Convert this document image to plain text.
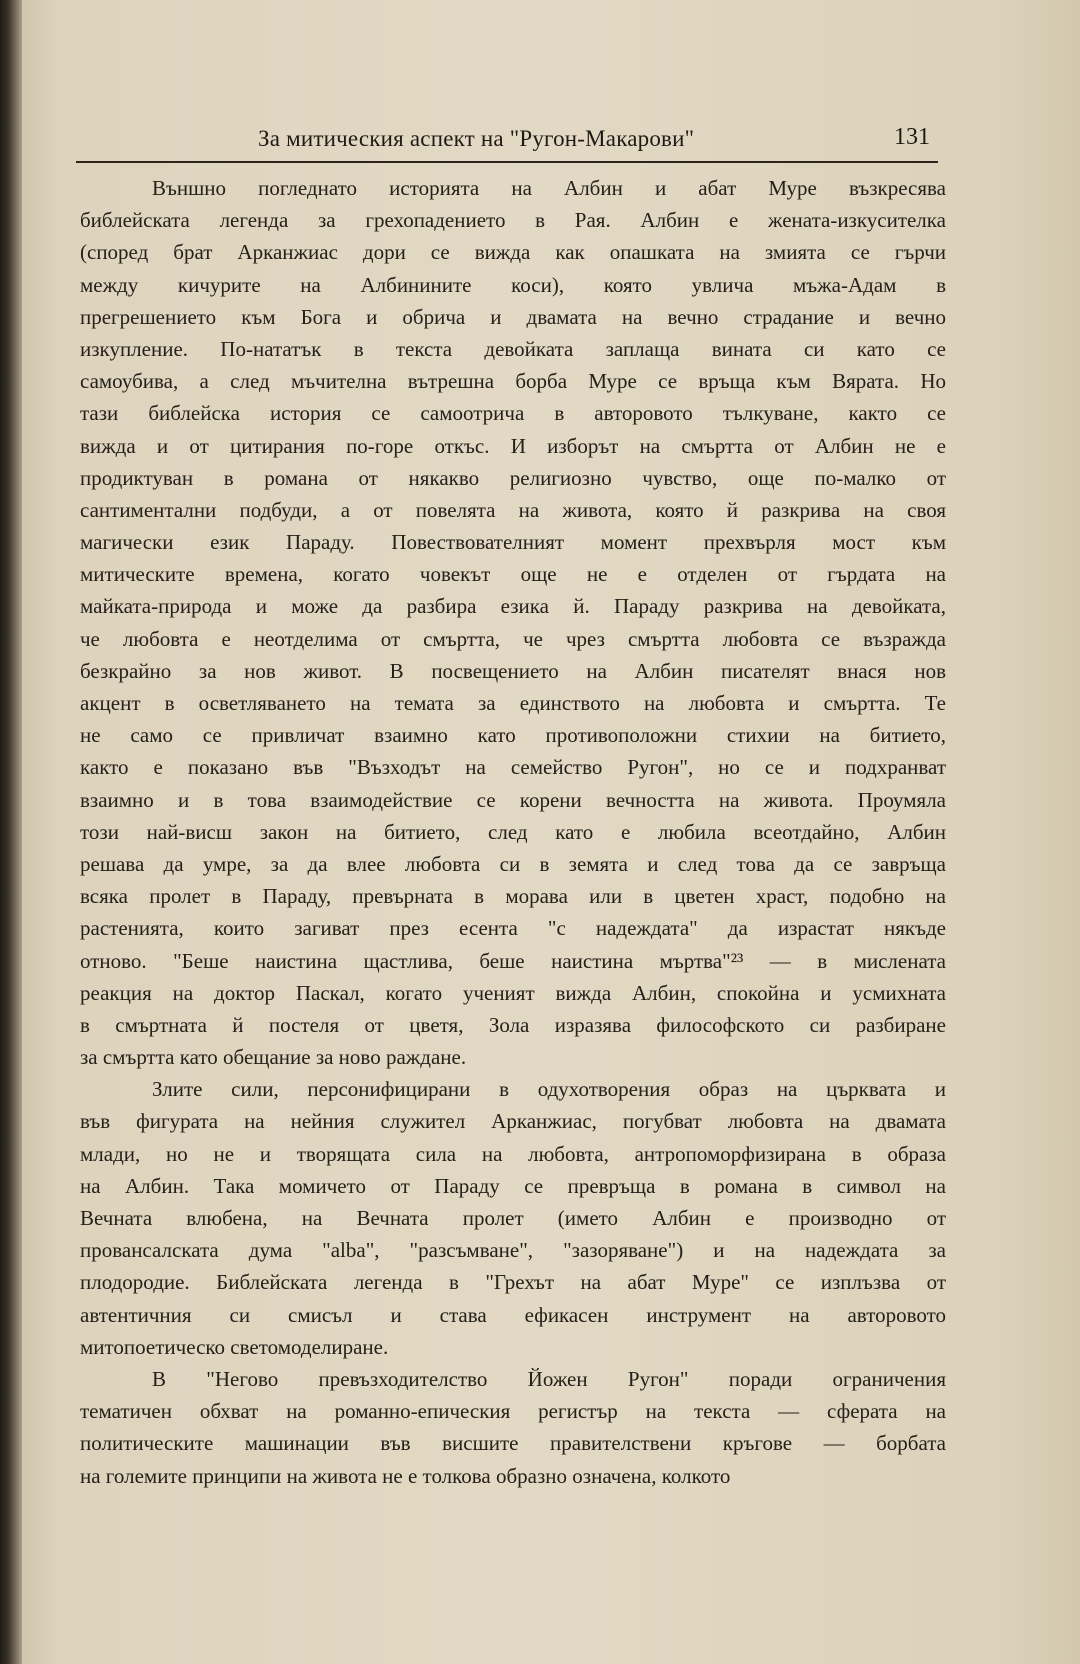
За митическия аспект на "Ругон-Макарови"	131
Външно погледнато историята на Албин и абат Муре възкресява
библейската легенда за грехопадението в Рая. Албин е жената-изкусителка
(според брат Арканжиас дори се вижда как опашката на змията се гърчи
между кичурите на Албинините коси), която увлича мъжа-Адам в
прегрешението към Бога и обрича и двамата на вечно страдание и вечно
изкупление. По-нататък в текста девойката заплаща вината си като се
самоубива, а след мъчителна вътрешна борба Муре се връща към Вярата. Но
тази библейска история се самоотрича в авторовото тълкуване, както се
вижда и от цитирания по-горе откъс. И изборът на смъртта от Албин не е
продиктуван в романа от някакво религиозно чувство, още по-малко от
сантиментални подбуди, а от повелята на живота, която й разкрива на своя
магически език Параду. Повествователният момент прехвърля мост към
митическите времена, когато човекът още не е отделен от гърдата на
майката-природа и може да разбира езика й. Параду разкрива на девойката,
че любовта е неотделима от смъртта, че чрез смъртта любовта се възражда
безкрайно за нов живот. В посвещението на Албин писателят внася нов
акцент в осветляването на темата за единството на любовта и смъртта. Те
не само се привличат взаимно като противоположни стихии на битието,
както е показано във "Възходът на семейство Ругон", но се и подхранват
взаимно и в това взаимодействие се корени вечността на живота. Проумяла
този най-висш закон на битието, след като е любила всеотдайно, Албин
решава да умре, за да влее любовта си в земята и след това да се завръща
всяка пролет в Параду, превърната в морава или в цветен храст, подобно на
растенията, които загиват през есента "с надеждата" да израстат някъде
отново. "Беше наистина щастлива, беше наистина мъртва"²³ — в мислената
реакция на доктор Паскал, когато ученият вижда Албин, спокойна и усмихната
в смъртната й постеля от цветя, Зола изразява философското си разбиране
за смъртта като обещание за ново раждане.
Злите сили, персонифицирани в одухотворения образ на църквата и
във фигурата на нейния служител Арканжиас, погубват любовта на двамата
млади, но не и творящата сила на любовта, антропоморфизирана в образа
на Албин. Така момичето от Параду се превръща в романа в символ на
Вечната влюбена, на Вечната пролет (името Албин е производно от
провансалската дума "alba", "разсъмване", "зазоряване") и на надеждата за
плодородие. Библейската легенда в "Грехът на абат Муре" се изплъзва от
автентичния си смисъл и става ефикасен инструмент на авторовото
митопоетическо светомоделиране.
В "Негово превъзходителство Йожен Ругон" поради ограничения
тематичен обхват на романно-епическия регистър на текста — сферата на
политическите машинации във висшите правителствени кръгове — борбата
на големите принципи на живота не е толкова образно означена, колкото
